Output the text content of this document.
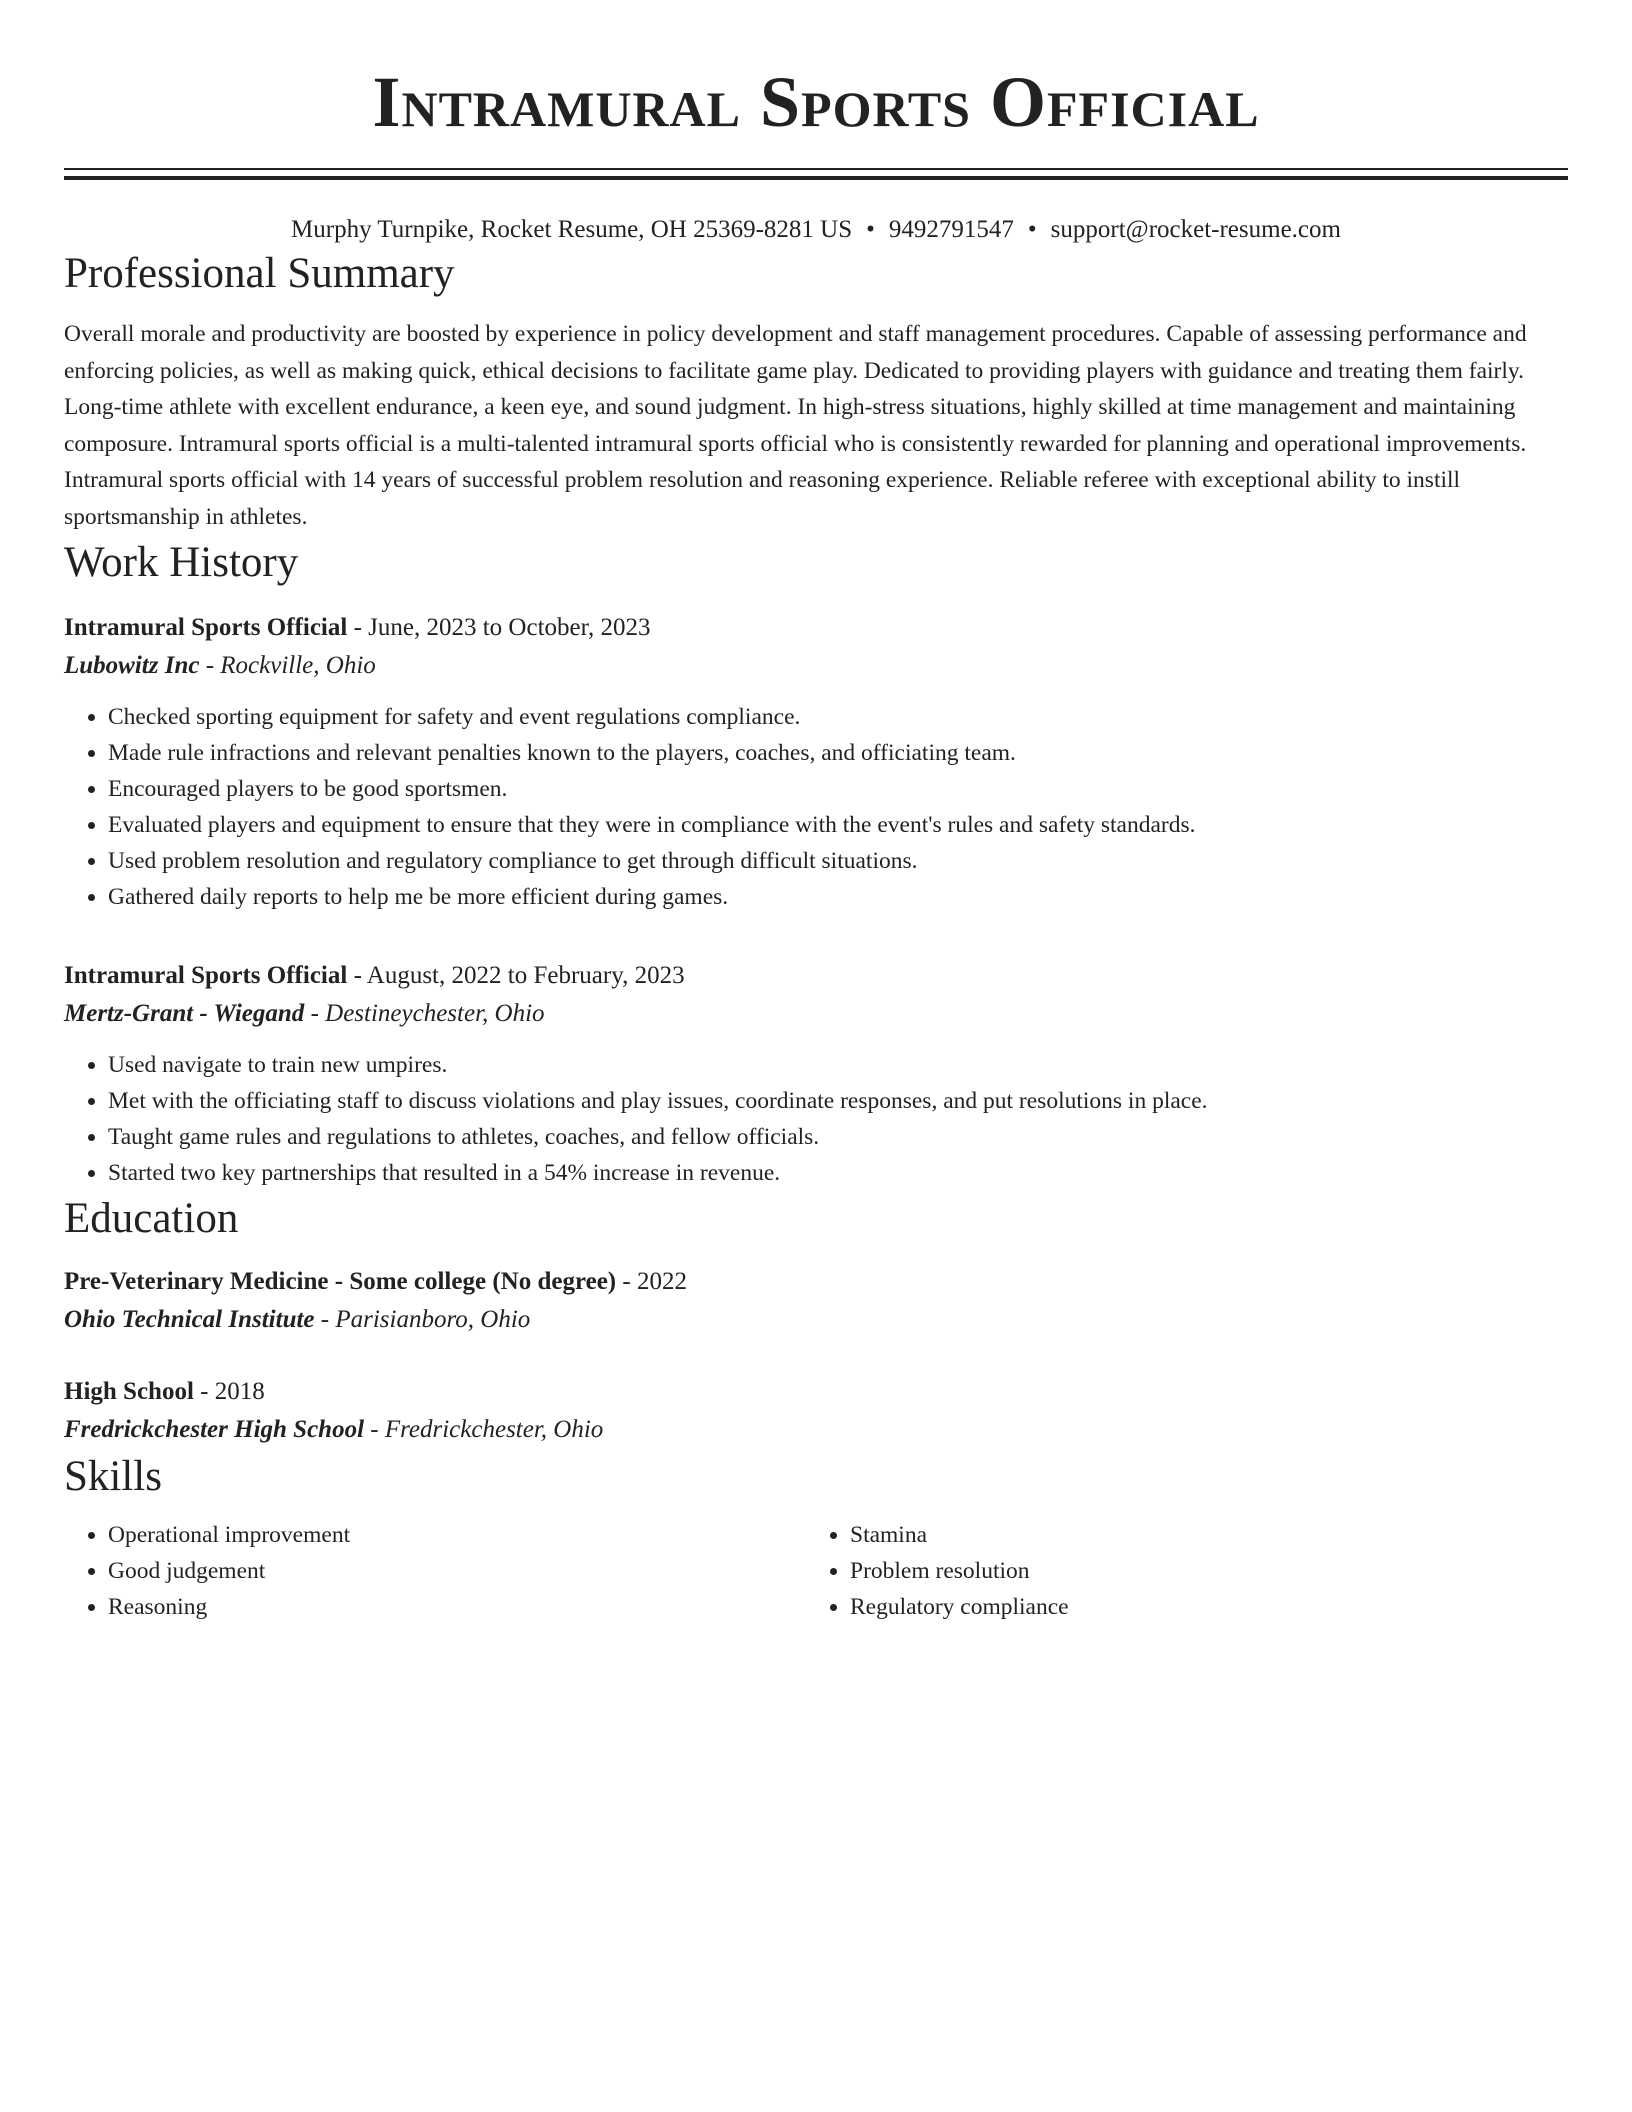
Intramural Sports Official
Murphy Turnpike, Rocket Resume, OH 25369-8281 US • 9492791547 • support@rocket-resume.com
Professional Summary

Overall morale and productivity are boosted by experience in policy development and staff management procedures. Capable of assessing performance and enforcing policies, as well as making quick, ethical decisions to facilitate game play. Dedicated to providing players with guidance and treating them fairly. Long-time athlete with excellent endurance, a keen eye, and sound judgment. In high-stress situations, highly skilled at time management and maintaining composure. Intramural sports official is a multi-talented intramural sports official who is consistently rewarded for planning and operational improvements. Intramural sports official with 14 years of successful problem resolution and reasoning experience. Reliable referee with exceptional ability to instill sportsmanship in athletes.

Work History
Intramural Sports Official - June, 2023 to October, 2023
Lubowitz Inc - Rockville, Ohio
• Checked sporting equipment for safety and event regulations compliance.
• Made rule infractions and relevant penalties known to the players, coaches, and officiating team.
• Encouraged players to be good sportsmen.
• Evaluated players and equipment to ensure that they were in compliance with the event's rules and safety standards.
• Used problem resolution and regulatory compliance to get through difficult situations.
• Gathered daily reports to help me be more efficient during games.
Intramural Sports Official - August, 2022 to February, 2023
Mertz-Grant - Wiegand - Destineychester, Ohio
• Used navigate to train new umpires.
• Met with the officiating staff to discuss violations and play issues, coordinate responses, and put resolutions in place.
• Taught game rules and regulations to athletes, coaches, and fellow officials.
• Started two key partnerships that resulted in a 54% increase in revenue.
Education
Pre-Veterinary Medicine - Some college (No degree) - 2022
Ohio Technical Institute - Parisianboro, Ohio
High School - 2018
Fredrickchester High School - Fredrickchester, Ohio
Skills
• Operational improvement
• Good judgement
• Reasoning
• Stamina
• Problem resolution
• Regulatory compliance
